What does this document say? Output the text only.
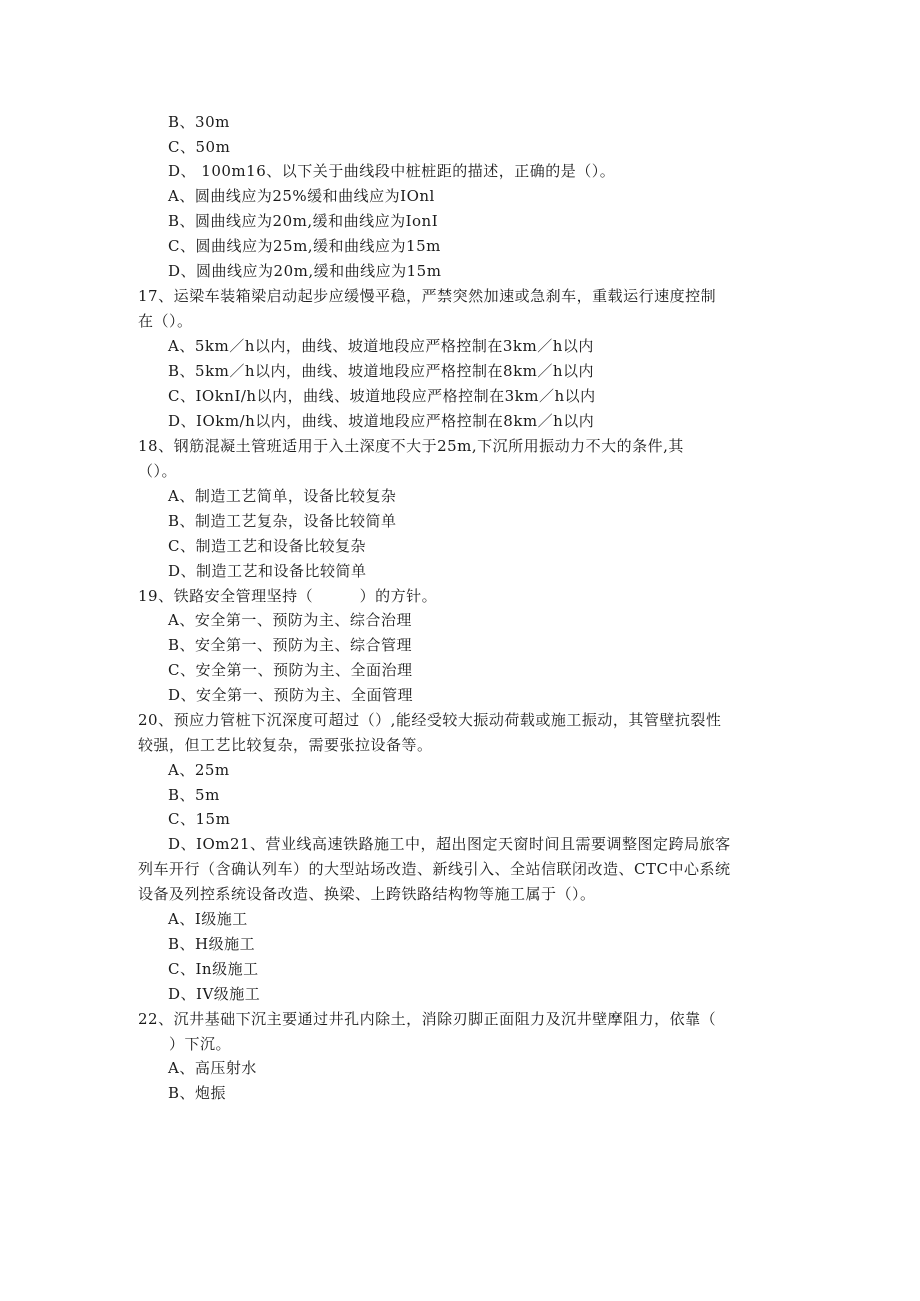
B、30m
C、50m
D、 100m16、以下关于曲线段中桩桩距的描述，正确的是（）。
A、圆曲线应为25%缓和曲线应为IOnl
B、圆曲线应为20m,缓和曲线应为IonI
C、圆曲线应为25m,缓和曲线应为15m
D、圆曲线应为20m,缓和曲线应为15m
17、运梁车装箱梁启动起步应缓慢平稳，严禁突然加速或急刹车，重载运行速度控制
在（）。
A、5km／h以内，曲线、坡道地段应严格控制在3km／h以内
B、5km／h以内，曲线、坡道地段应严格控制在8km／h以内
C、IOknI/h以内，曲线、坡道地段应严格控制在3km／h以内
D、IOkm/h以内，曲线、坡道地段应严格控制在8km／h以内
18、钢筋混凝土管班适用于入土深度不大于25m,下沉所用振动力不大的条件,其
（）。
A、制造工艺简单，设备比较复杂
B、制造工艺复杂，设备比较简单
C、制造工艺和设备比较复杂
D、制造工艺和设备比较简单
19、铁路安全管理坚持（　　　）的方针。
A、安全第一、预防为主、综合治理
B、安全第一、预防为主、综合管理
C、安全第一、预防为主、全面治理
D、安全第一、预防为主、全面管理
20、预应力管桩下沉深度可超过（）,能经受较大振动荷载或施工振动，其管壁抗裂性
较强，但工艺比较复杂，需要张拉设备等。
A、25m
B、5m
C、15m
D、IOm21、营业线高速铁路施工中，超出图定天窗时间且需要调整图定跨局旅客
列车开行（含确认列车）的大型站场改造、新线引入、全站信联闭改造、CTC中心系统
设备及列控系统设备改造、换梁、上跨铁路结构物等施工属于（）。
A、I级施工
B、H级施工
C、In级施工
D、IV级施工
22、沉井基础下沉主要通过井孔内除土，消除刃脚正面阻力及沉井壁摩阻力，依靠（
　　）下沉。
A、高压射水
B、炮振
